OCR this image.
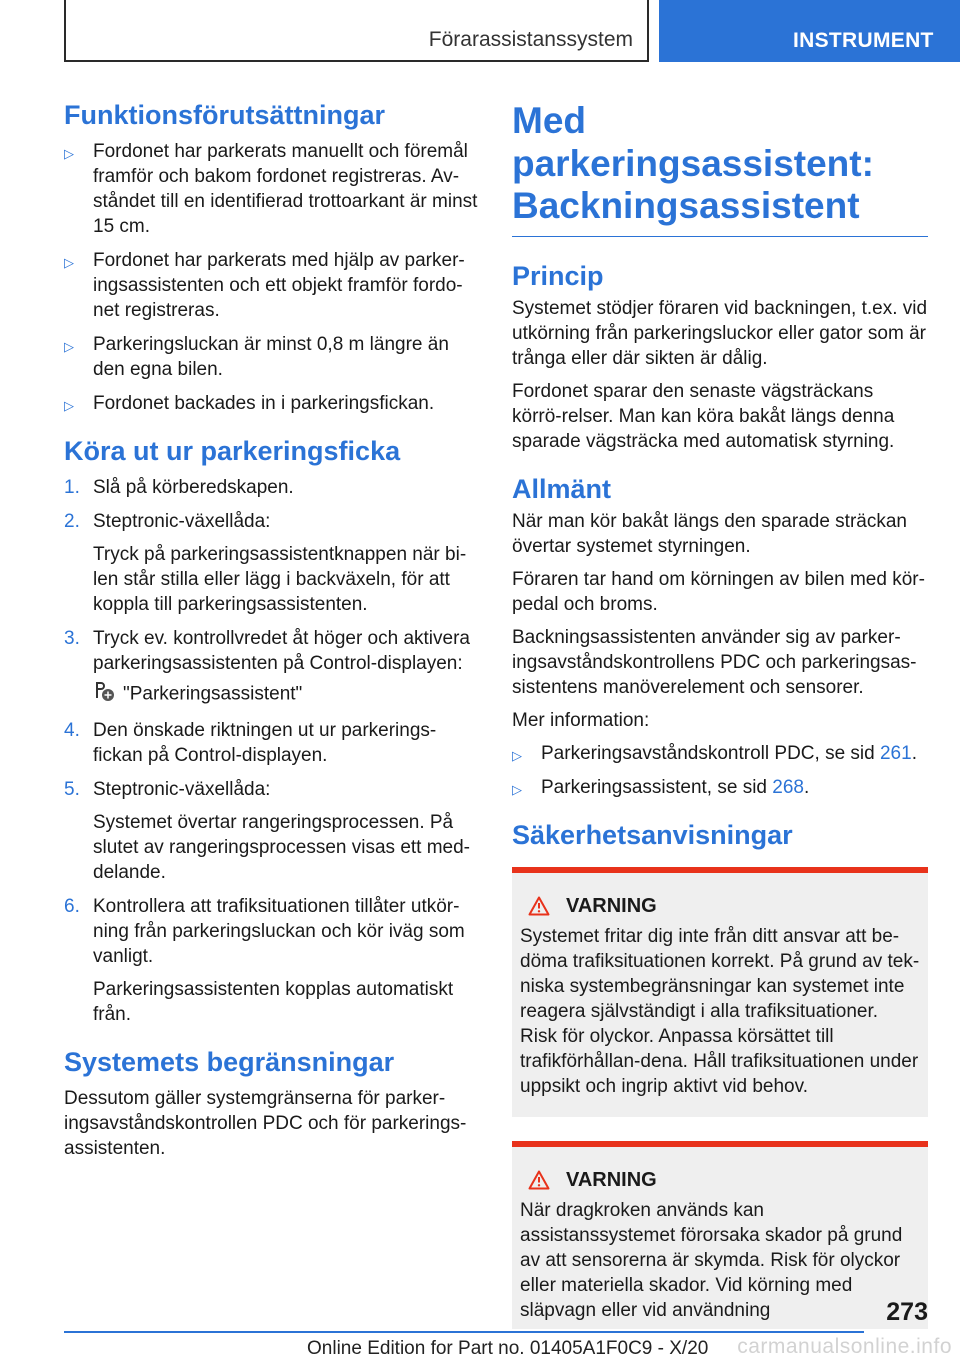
Förarassistanssystem	INSTRUMENT
Funktionsförutsättningar
▷ Fordonet har parkerats manuellt och föremål framför och bakom fordonet registreras. Av-ståndet till en identifierad trottoarkant är minst 15 cm.
▷ Fordonet har parkerats med hjälp av parker-ingsassistenten och ett objekt framför fordo-net registreras.
▷ Parkeringsluckan är minst 0,8 m längre än den egna bilen.
▷ Fordonet backades in i parkeringsfickan.
Köra ut ur parkeringsficka
1. Slå på körberedskapen.
2. Steptronic-växellåda:
Tryck på parkeringsassistentknappen när bi-len står stilla eller lägg i backväxeln, för att koppla till parkeringsassistenten.
3. Tryck ev. kontrollvredet åt höger och aktivera parkeringsassistenten på Control-displayen:
"Parkeringsassistent"
4. Den önskade riktningen ut ur parkerings-fickan på Control-displayen.
5. Steptronic-växellåda:
Systemet övertar rangeringsprocessen. På slutet av rangeringsprocessen visas ett med-delande.
6. Kontrollera att trafiksituationen tillåter utkör-ning från parkeringsluckan och kör iväg som vanligt.
Parkeringsassistenten kopplas automatiskt från.
Systemets begränsningar

Dessutom gäller systemgränserna för parker-ingsavståndskontrollen PDC och för parkerings-assistenten.

Med parkeringsassistent: Backningsassistent
Princip

Systemet stödjer föraren vid backningen, t.ex. vid utkörning från parkeringsluckor eller gator som är trånga eller där sikten är dålig.

Fordonet sparar den senaste vägsträckans körrö-relser. Man kan köra bakåt längs denna sparade vägsträcka med automatisk styrning.

Allmänt

När man kör bakåt längs den sparade sträckan övertar systemet styrningen.

Föraren tar hand om körningen av bilen med kör-pedal och broms.

Backningsassistenten använder sig av parker-ingsavståndskontrollens PDC och parkeringsas-sistentens manöverelement och sensorer.

Mer information:

▷ Parkeringsavståndskontroll PDC, se sid 261.
▷ Parkeringsassistent, se sid 268.
Säkerhetsanvisningar
VARNING

Systemet fritar dig inte från ditt ansvar att be-döma trafiksituationen korrekt. På grund av tek-niska systembegränsningar kan systemet inte reagera självständigt i alla trafiksituationer. Risk för olyckor. Anpassa körsättet till trafikförhållan-dena. Håll trafiksituationen under uppsikt och ingrip aktivt vid behov.

VARNING

När dragkroken används kan assistanssystemet förorsaka skador på grund av att sensorerna är skymda. Risk för olyckor eller materiella skador. Vid körning med släpvagn eller vid användning	273
Online Edition for Part no. 01405A1F0C9 - X/20 carmanualsonline.info
